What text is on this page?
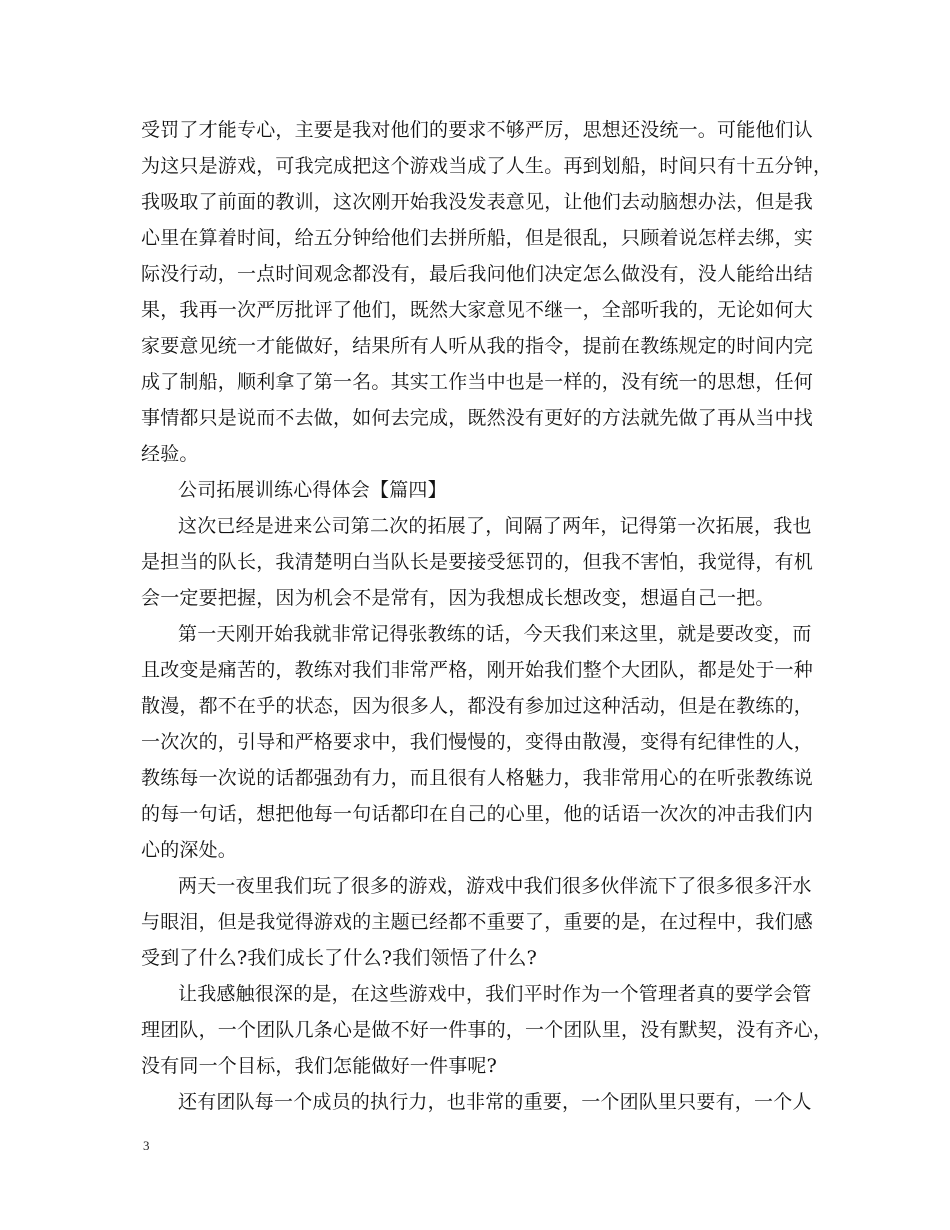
受罚了才能专心，主要是我对他们的要求不够严厉，思想还没统一。可能他们认
为这只是游戏，可我完成把这个游戏当成了人生。再到划船，时间只有十五分钟，
我吸取了前面的教训，这次刚开始我没发表意见，让他们去动脑想办法，但是我
心里在算着时间，给五分钟给他们去拼所船，但是很乱，只顾着说怎样去绑，实
际没行动，一点时间观念都没有，最后我问他们决定怎么做没有，没人能给出结
果，我再一次严厉批评了他们，既然大家意见不继一，全部听我的，无论如何大
家要意见统一才能做好，结果所有人听从我的指令，提前在教练规定的时间内完
成了制船，顺利拿了第一名。其实工作当中也是一样的，没有统一的思想，任何
事情都只是说而不去做，如何去完成，既然没有更好的方法就先做了再从当中找
经验。
公司拓展训练心得体会【篇四】
这次已经是进来公司第二次的拓展了，间隔了两年，记得第一次拓展，我也
是担当的队长，我清楚明白当队长是要接受惩罚的，但我不害怕，我觉得，有机
会一定要把握，因为机会不是常有，因为我想成长想改变，想逼自己一把。
第一天刚开始我就非常记得张教练的话，今天我们来这里，就是要改变，而
且改变是痛苦的，教练对我们非常严格，刚开始我们整个大团队，都是处于一种
散漫，都不在乎的状态，因为很多人，都没有参加过这种活动，但是在教练的，
一次次的，引导和严格要求中，我们慢慢的，变得由散漫，变得有纪律性的人，
教练每一次说的话都强劲有力，而且很有人格魅力，我非常用心的在听张教练说
的每一句话，想把他每一句话都印在自己的心里，他的话语一次次的冲击我们内
心的深处。
两天一夜里我们玩了很多的游戏，游戏中我们很多伙伴流下了很多很多汗水
与眼泪，但是我觉得游戏的主题已经都不重要了，重要的是，在过程中，我们感
受到了什么?我们成长了什么?我们领悟了什么?
让我感触很深的是，在这些游戏中，我们平时作为一个管理者真的要学会管
理团队，一个团队几条心是做不好一件事的，一个团队里，没有默契，没有齐心，
没有同一个目标，我们怎能做好一件事呢?
还有团队每一个成员的执行力，也非常的重要，一个团队里只要有，一个人
3
